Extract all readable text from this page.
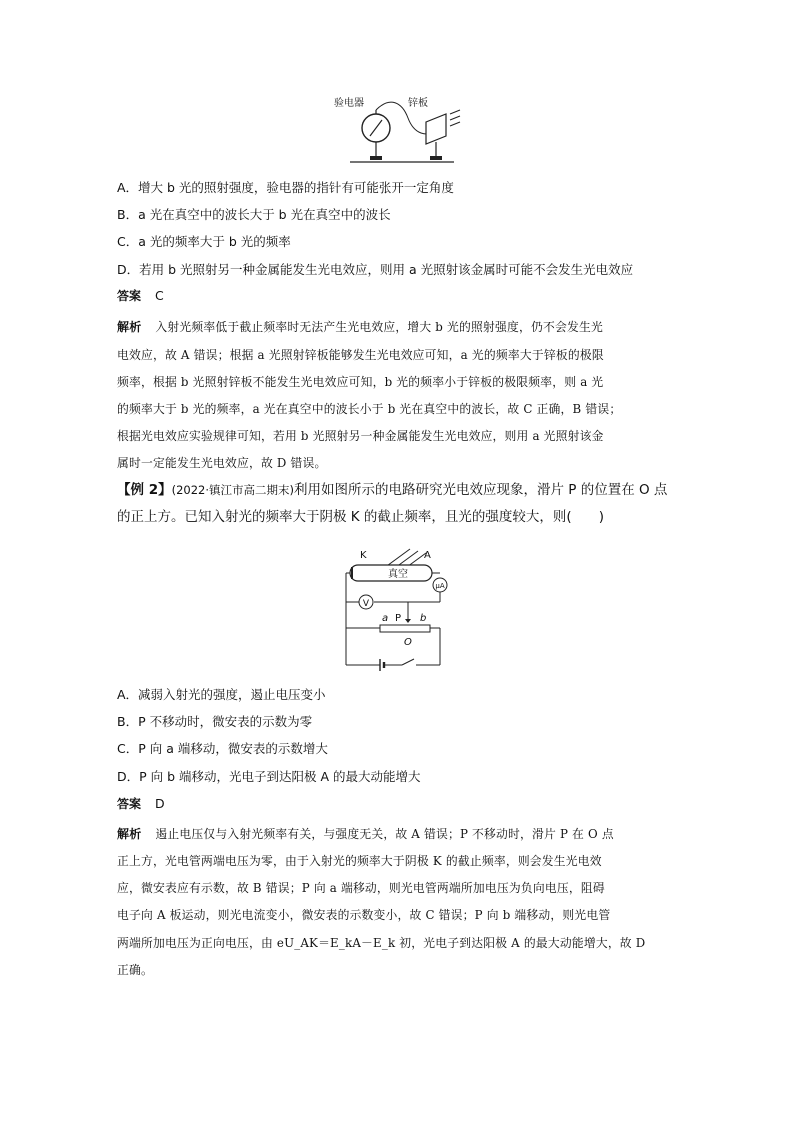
验电器	锌板
A．增大 b 光的照射强度，验电器的指针有可能张开一定角度
B．a 光在真空中的波长大于 b 光在真空中的波长
C．a 光的频率大于 b 光的频率
D．若用 b 光照射另一种金属能发生光电效应，则用 a 光照射该金属时可能不会发生光电效应
答案 C
解析 入射光频率低于截止频率时无法产生光电效应，增大 b 光的照射强度，仍不会发生光
电效应，故 A 错误；根据 a 光照射锌板能够发生光电效应可知，a 光的频率大于锌板的极限
频率，根据 b 光照射锌板不能发生光电效应可知，b 光的频率小于锌板的极限频率，则 a 光
的频率大于 b 光的频率，a 光在真空中的波长小于 b 光在真空中的波长，故 C 正确，B 错误；
根据光电效应实验规律可知，若用 b 光照射另一种金属能发生光电效应，则用 a 光照射该金
属时一定能发生光电效应，故 D 错误。
【例 2】(2022·镇江市高二期末)利用如图所示的电路研究光电效应现象，滑片 P 的位置在 O 点
的正上方。已知入射光的频率大于阴极 K 的截止频率，且光的强度较大，则(　　)
K	A
真空
μA
V
a P b
O
A．减弱入射光的强度，遏止电压变小
B．P 不移动时，微安表的示数为零
C．P 向 a 端移动，微安表的示数增大
D．P 向 b 端移动，光电子到达阳极 A 的最大动能增大
答案 D
解析 遏止电压仅与入射光频率有关，与强度无关，故 A 错误；P 不移动时，滑片 P 在 O 点
正上方，光电管两端电压为零，由于入射光的频率大于阴极 K 的截止频率，则会发生光电效
应，微安表应有示数，故 B 错误；P 向 a 端移动，则光电管两端所加电压为负向电压，阻碍
电子向 A 板运动，则光电流变小，微安表的示数变小，故 C 错误；P 向 b 端移动，则光电管
两端所加电压为正向电压，由 eU_AK＝E_kA－E_k 初，光电子到达阳极 A 的最大动能增大，故 D
正确。
